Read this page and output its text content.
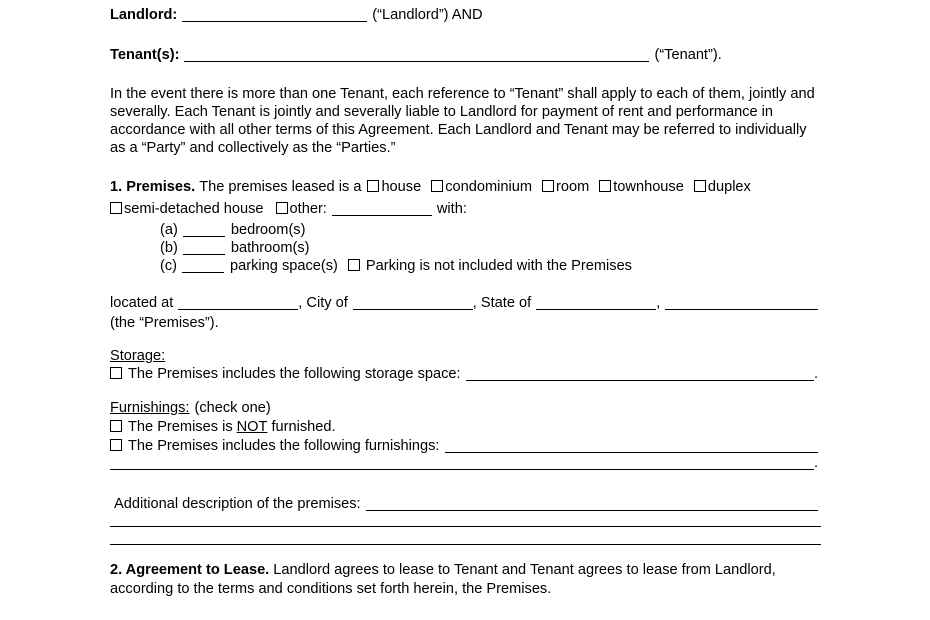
Landlord:	(“Landlord”) AND
Tenant(s):	(“Tenant”).
In the event there is more than one Tenant, each reference to “Tenant” shall apply to each of them, jointly and severally. Each Tenant is jointly and severally liable to Landlord for payment of rent and performance in accordance with all other terms of this Agreement. Each Landlord and Tenant may be referred to individually as a “Party” and collectively as the “Parties.”
1. Premises. The premises leased is a house condominium room townhouse duplex
semi-detached house other:	with:
(a)	bedroom(s)
(b)	bathroom(s)
(c)	parking space(s) Parking is not included with the Premises
located at	, City of	, State of	,
(the “Premises”).
Storage:
The Premises includes the following storage space:	.
Furnishings: (check one)
The Premises is NOT furnished.
The Premises includes the following furnishings:
.
Additional description of the premises:
2. Agreement to Lease. Landlord agrees to lease to Tenant and Tenant agrees to lease from Landlord, according to the terms and conditions set forth herein, the Premises.
